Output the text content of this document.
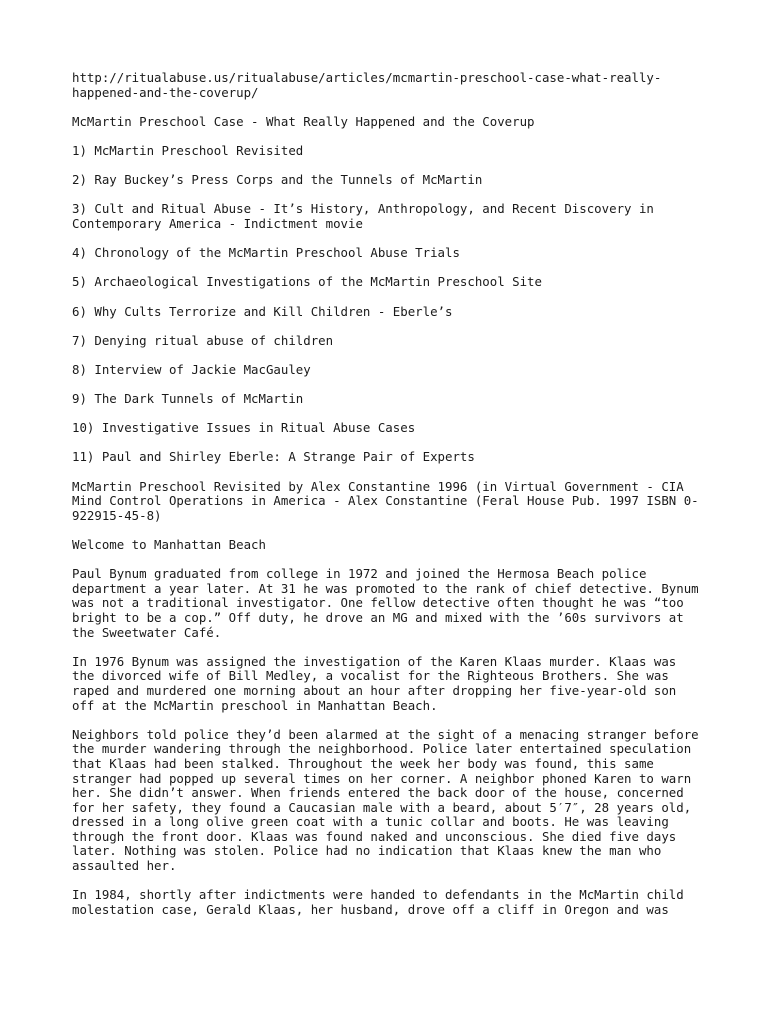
http://ritualabuse.us/ritualabuse/articles/mcmartin-preschool-case-what-really-
happened-and-the-coverup/

McMartin Preschool Case - What Really Happened and the Coverup

1) McMartin Preschool Revisited

2) Ray Buckey’s Press Corps and the Tunnels of McMartin

3) Cult and Ritual Abuse - It’s History, Anthropology, and Recent Discovery in Contemporary America - Indictment movie

4) Chronology of the McMartin Preschool Abuse Trials

5) Archaeological Investigations of the McMartin Preschool Site

6) Why Cults Terrorize and Kill Children - Eberle’s

7) Denying ritual abuse of children

8) Interview of Jackie MacGauley

9) The Dark Tunnels of McMartin

10) Investigative Issues in Ritual Abuse Cases

11) Paul and Shirley Eberle: A Strange Pair of Experts

McMartin Preschool Revisited by Alex Constantine 1996 (in Virtual Government - CIA Mind Control Operations in America - Alex Constantine (Feral House Pub. 1997 ISBN 0-922915-45-8)

Welcome to Manhattan Beach

Paul Bynum graduated from college in 1972 and joined the Hermosa Beach police department a year later. At 31 he was promoted to the rank of chief detective. Bynum was not a traditional investigator. One fellow detective often thought he was “too bright to be a cop.” Off duty, he drove an MG and mixed with the ’60s survivors at the Sweetwater Café.

In 1976 Bynum was assigned the investigation of the Karen Klaas murder. Klaas was the divorced wife of Bill Medley, a vocalist for the Righteous Brothers. She was raped and murdered one morning about an hour after dropping her five-year-old son off at the McMartin preschool in Manhattan Beach.

Neighbors told police they’d been alarmed at the sight of a menacing stranger before the murder wandering through the neighborhood. Police later entertained speculation that Klaas had been stalked. Throughout the week her body was found, this same stranger had popped up several times on her corner. A neighbor phoned Karen to warn her. She didn’t answer. When friends entered the back door of the house, concerned for her safety, they found a Caucasian male with a beard, about 5′7″, 28 years old, dressed in a long olive green coat with a tunic collar and boots. He was leaving through the front door. Klaas was found naked and unconscious. She died five days later. Nothing was stolen. Police had no indication that Klaas knew the man who assaulted her.

In 1984, shortly after indictments were handed to defendants in the McMartin child molestation case, Gerald Klaas, her husband, drove off a cliff in Oregon and was
